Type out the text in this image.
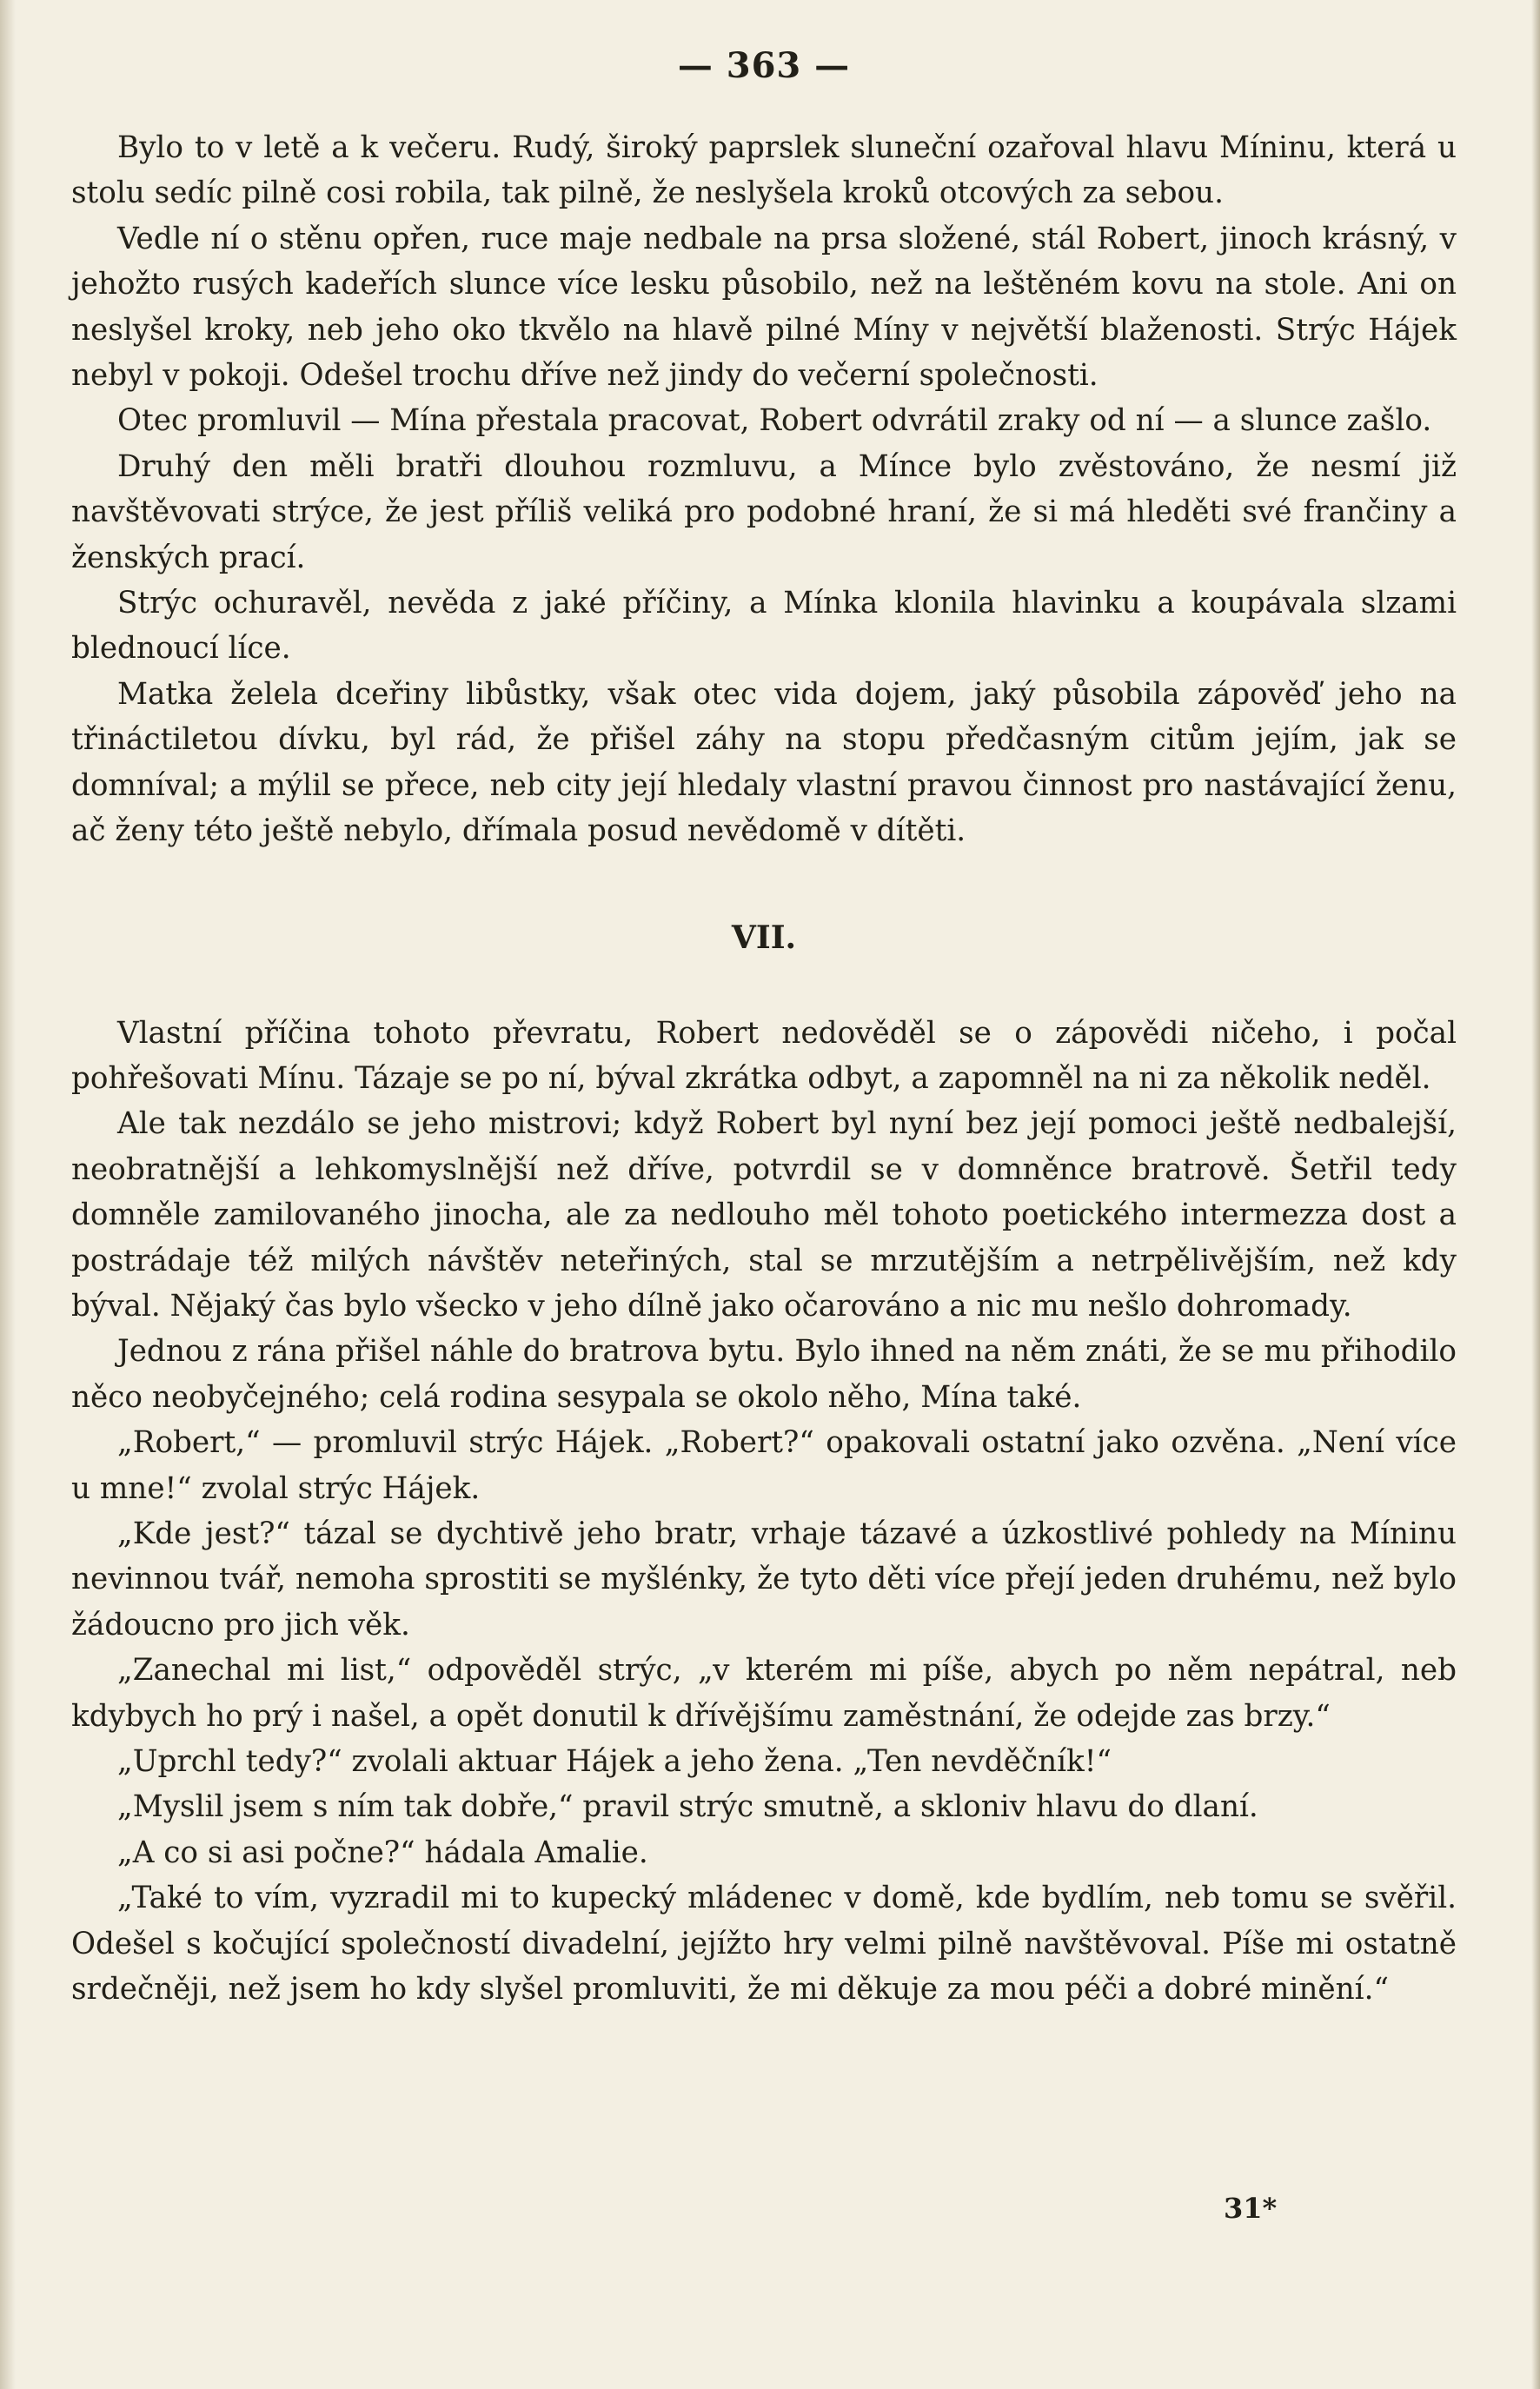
— 363 —

Bylo to v letě a k večeru. Rudý, široký paprslek sluneční ozařoval hlavu Míninu, která u stolu sedíc pilně cosi robila, tak pilně, že neslyšela kroků otcových za sebou.

Vedle ní o stěnu opřen, ruce maje nedbale na prsa složené, stál Robert, jinoch krásný, v jehožto rusých kadeřích slunce více lesku působilo, než na leštěném kovu na stole. Ani on neslyšel kroky, neb jeho oko tkvělo na hlavě pilné Míny v největší blaženosti. Strýc Hájek nebyl v pokoji. Odešel trochu dříve než jindy do večerní společnosti.

Otec promluvil — Mína přestala pracovat, Robert odvrátil zraky od ní — a slunce zašlo.

Druhý den měli bratři dlouhou rozmluvu, a Mínce bylo zvěstováno, že nesmí již navštěvovati strýce, že jest příliš veliká pro podobné hraní, že si má hleděti své frančiny a ženských prací.

Strýc ochuravěl, nevěda z jaké příčiny, a Mínka klonila hlavinku a koupávala slzami blednoucí líce.

Matka želela dceřiny libůstky, však otec vida dojem, jaký působila zápověď jeho na třináctiletou dívku, byl rád, že přišel záhy na stopu předčasným citům jejím, jak se domníval; a mýlil se přece, neb city její hledaly vlastní pravou činnost pro nastávající ženu, ač ženy této ještě nebylo, dřímala posud nevědomě v dítěti.

VII.

Vlastní příčina tohoto převratu, Robert nedověděl se o zápovědi ničeho, i počal pohřešovati Mínu. Tázaje se po ní, býval zkrátka odbyt, a zapomněl na ni za několik neděl.

Ale tak nezdálo se jeho mistrovi; když Robert byl nyní bez její pomoci ještě nedbalejší, neobratnější a lehkomyslnější než dříve, potvrdil se v domněnce bratrově. Šetřil tedy domněle zamilovaného jinocha, ale za nedlouho měl tohoto poetického intermezza dost a postrádaje též milých návštěv neteřiných, stal se mrzutějším a netrpělivějším, než kdy býval. Nějaký čas bylo všecko v jeho dílně jako očarováno a nic mu nešlo dohromady.

Jednou z rána přišel náhle do bratrova bytu. Bylo ihned na něm znáti, že se mu přihodilo něco neobyčejného; celá rodina sesypala se okolo něho, Mína také.

„Robert,“ — promluvil strýc Hájek. „Robert?“ opakovali ostatní jako ozvěna. „Není více u mne!“ zvolal strýc Hájek.

„Kde jest?“ tázal se dychtivě jeho bratr, vrhaje tázavé a úzkostlivé pohledy na Míninu nevinnou tvář, nemoha sprostiti se myšlénky, že tyto děti více přejí jeden druhému, než bylo žádoucno pro jich věk.

„Zanechal mi list,“ odpověděl strýc, „v kterém mi píše, abych po něm nepátral, neb kdybych ho prý i našel, a opět donutil k dřívějšímu zaměstnání, že odejde zas brzy.“

„Uprchl tedy?“ zvolali aktuar Hájek a jeho žena. „Ten nevděčník!“

„Myslil jsem s ním tak dobře,“ pravil strýc smutně, a skloniv hlavu do dlaní.

„A co si asi počne?“ hádala Amalie.

„Také to vím, vyzradil mi to kupecký mládenec v domě, kde bydlím, neb tomu se svěřil. Odešel s kočující společností divadelní, jejížto hry velmi pilně navštěvoval. Píše mi ostatně srdečněji, než jsem ho kdy slyšel promluviti, že mi děkuje za mou péči a dobré minění.“

31*
